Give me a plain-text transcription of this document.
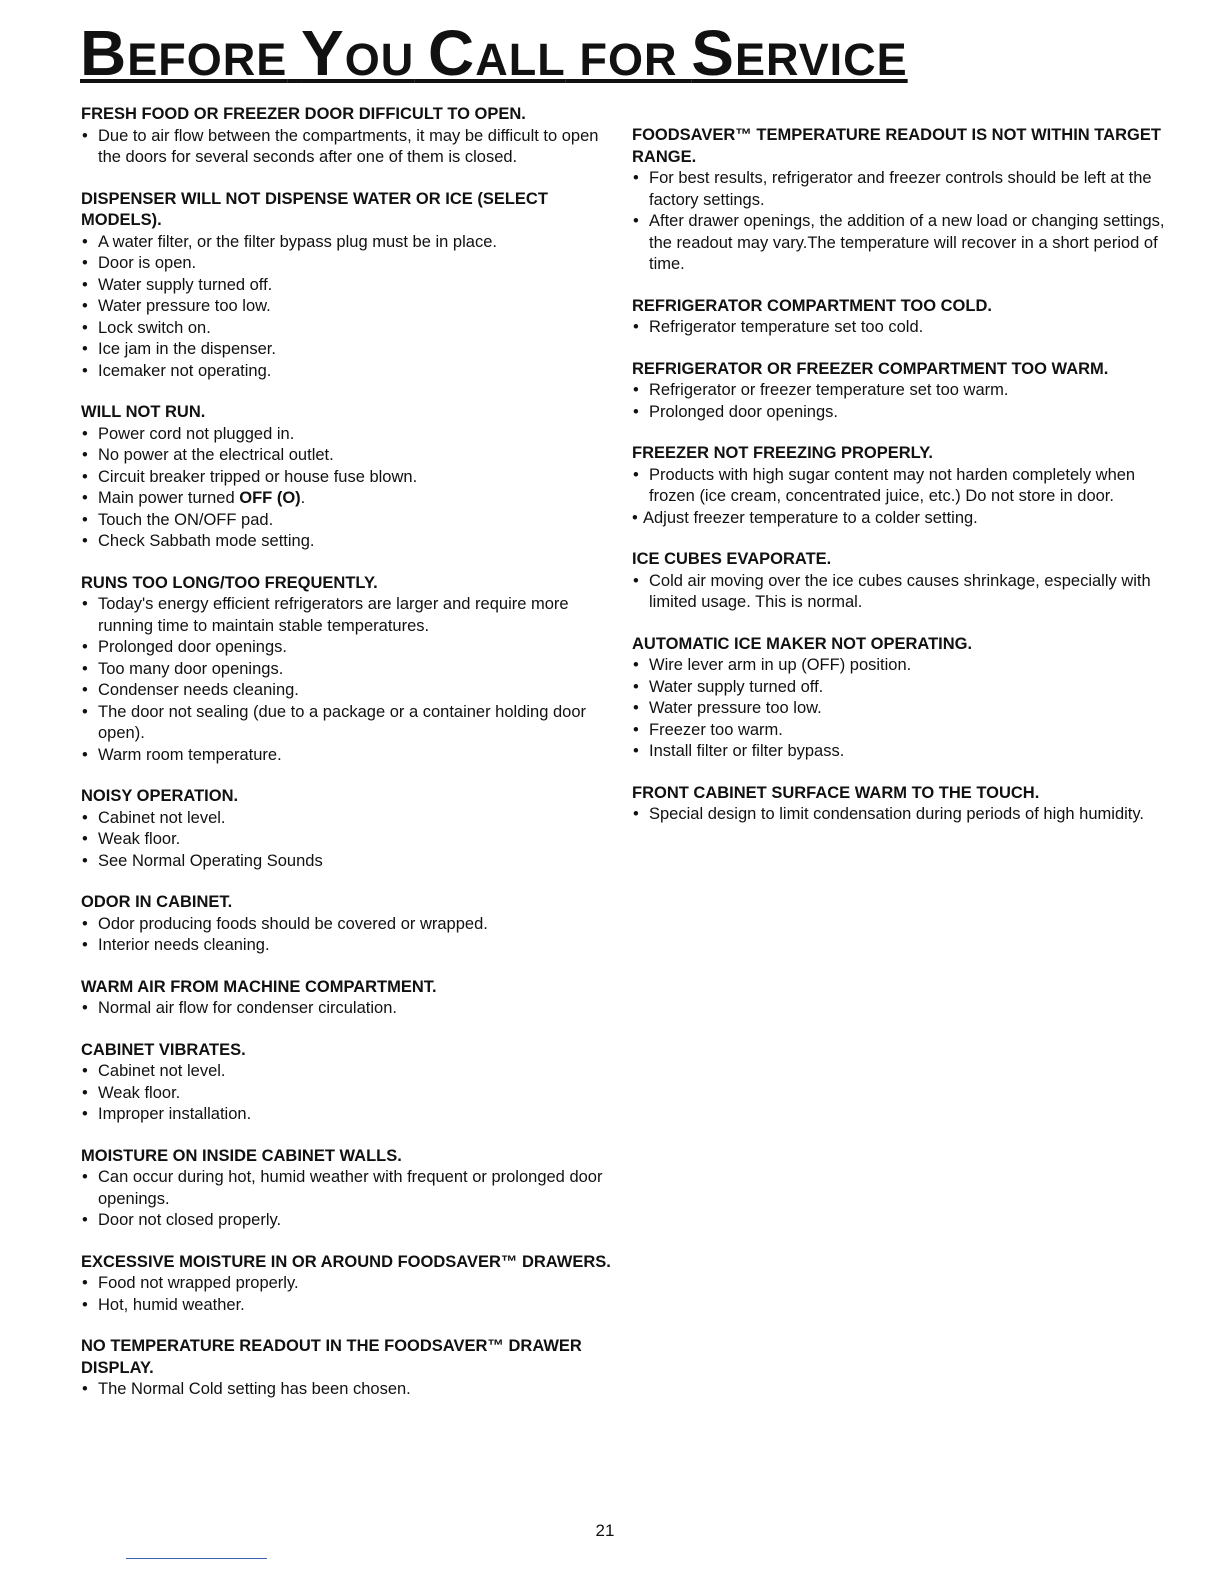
Before You Call for Service

FRESH FOOD OR FREEZER DOOR DIFFICULT TO OPEN.

• Due to air flow between the compartments, it may be difficult to open the doors for several seconds after one of them is closed.

DISPENSER WILL NOT DISPENSE WATER OR ICE (SELECT MODELS).

• A water filter, or the filter bypass plug must be in place.
• Door is open.
• Water supply turned off.
• Water pressure too low.
• Lock switch on.
• Ice jam in the dispenser.
• Icemaker not operating.

WILL NOT RUN.

• Power cord not plugged in.
• No power at the electrical outlet.
• Circuit breaker tripped or house fuse blown.
• Main power turned OFF (O).
• Touch the ON/OFF pad.
• Check Sabbath mode setting.

RUNS TOO LONG/TOO FREQUENTLY.

• Today's energy efficient refrigerators are larger and require more running time to maintain stable temperatures.
• Prolonged door openings.
• Too many door openings.
• Condenser needs cleaning.
• The door not sealing (due to a package or a container holding door open).
• Warm room temperature.

NOISY OPERATION.

• Cabinet not level.
• Weak floor.
• See Normal Operating Sounds

ODOR IN CABINET.

• Odor producing foods should be covered or wrapped.
• Interior needs cleaning.

WARM AIR FROM MACHINE COMPARTMENT.

• Normal air flow for condenser circulation.

CABINET VIBRATES.

• Cabinet not level.
• Weak floor.
• Improper installation.

MOISTURE ON INSIDE CABINET WALLS.

• Can occur during hot, humid weather with frequent or prolonged door openings.
• Door not closed properly.

EXCESSIVE MOISTURE IN OR AROUND FOODSAVER™ DRAWERS.

• Food not wrapped properly.
• Hot, humid weather.

NO TEMPERATURE READOUT IN THE FOODSAVER™ DRAWER DISPLAY.

• The Normal Cold setting has been chosen.

FOODSAVER™ TEMPERATURE READOUT IS NOT WITHIN TARGET RANGE.

• For best results, refrigerator and freezer controls should be left at the factory settings.
• After drawer openings, the addition of a new load or changing settings, the readout may vary.The temperature will recover in a short period of time.

REFRIGERATOR COMPARTMENT TOO COLD.

• Refrigerator temperature set too cold.

REFRIGERATOR OR FREEZER COMPARTMENT TOO WARM.

• Refrigerator or freezer temperature set too warm.
• Prolonged door openings.

FREEZER NOT FREEZING PROPERLY.

• Products with high sugar content may not harden completely when frozen (ice cream, concentrated juice, etc.) Do not store in door.
• Adjust freezer temperature to a colder setting.

ICE CUBES EVAPORATE.

• Cold air moving over the ice cubes causes shrinkage, especially with limited usage. This is normal.

AUTOMATIC ICE MAKER NOT OPERATING.

• Wire lever arm in up (OFF) position.
• Water supply turned off.
• Water pressure too low.
• Freezer too warm.
• Install filter or filter bypass.

FRONT CABINET SURFACE WARM TO THE TOUCH.

• Special design to limit condensation during periods of high humidity.
21
